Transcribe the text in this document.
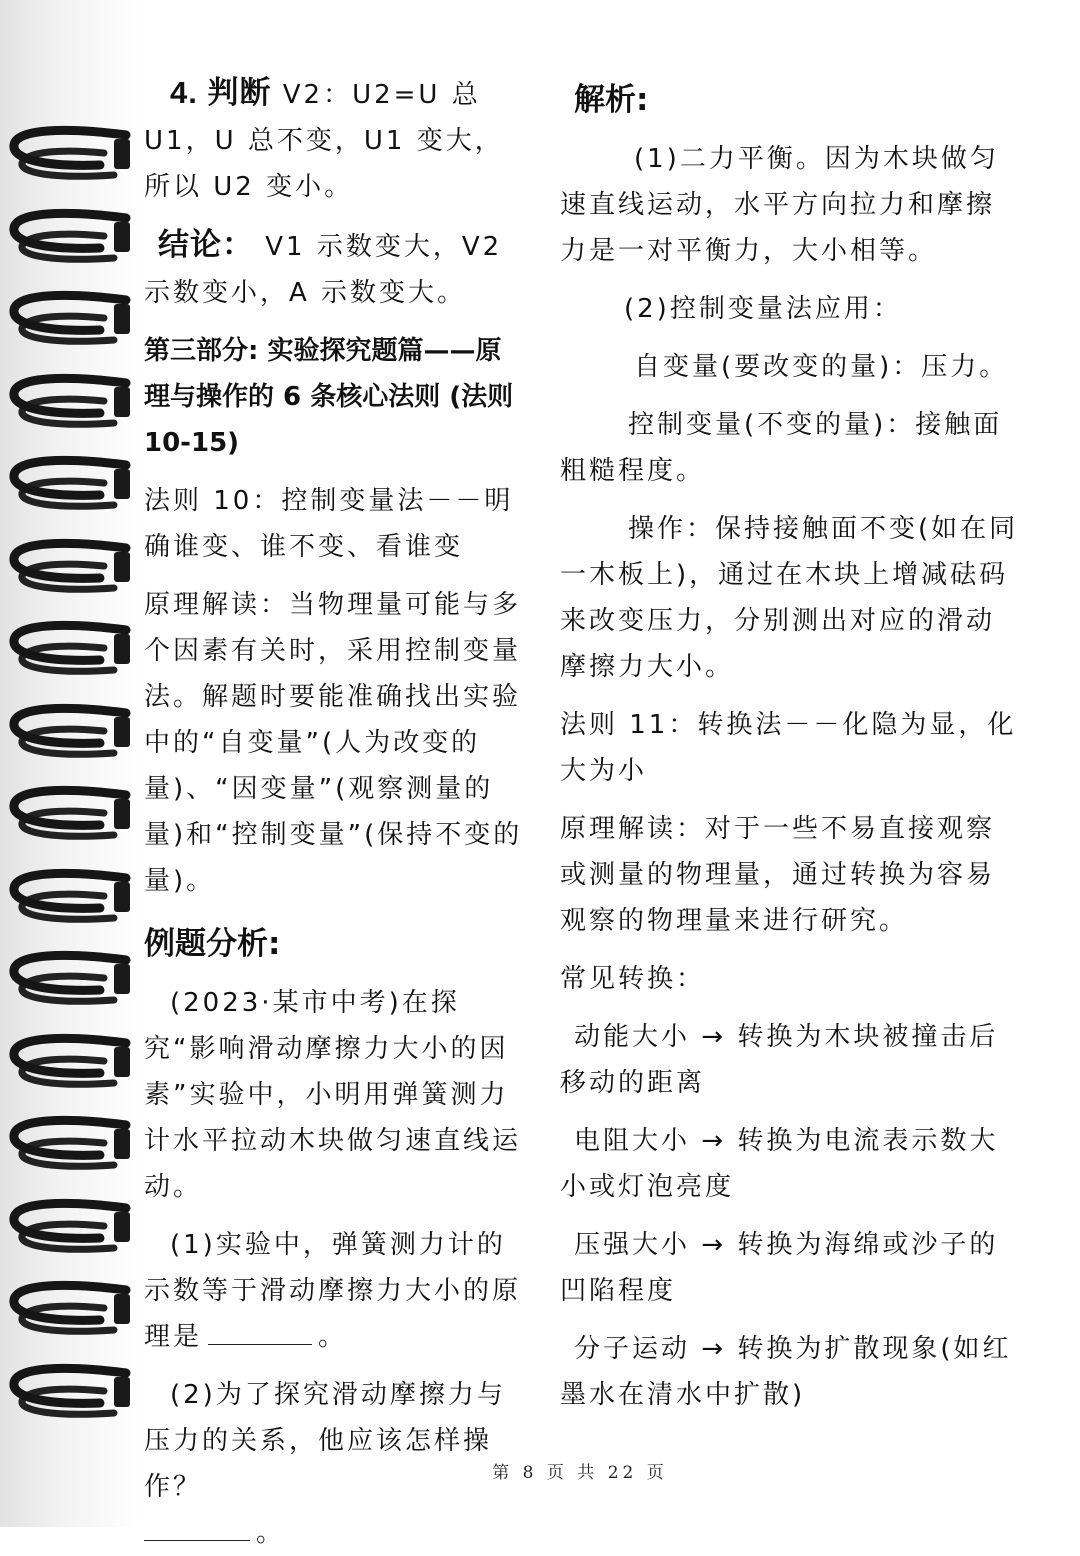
4. 判断 V2：U2=U 总 U1，U 总不变，U1 变大，所以 U2 变小。

结论： V1 示数变大，V2 示数变小，A 示数变大。

第三部分: 实验探究题篇——原理与操作的 6 条核心法则 (法则 10-15)

法则 10：控制变量法－－明确谁变、谁不变、看谁变

原理解读：当物理量可能与多个因素有关时，采用控制变量法。解题时要能准确找出实验中的“自变量”(人为改变的量)、“因变量”(观察测量的量)和“控制变量”(保持不变的量)。

例题分析:

(2023·某市中考)在探究“影响滑动摩擦力大小的因素”实验中，小明用弹簧测力计水平拉动木块做匀速直线运动。

(1)实验中，弹簧测力计的示数等于滑动摩擦力大小的原理是	。

(2)为了探究滑动摩擦力与压力的关系，他应该怎样操作？
。

解析:

(1)二力平衡。因为木块做匀速直线运动，水平方向拉力和摩擦力是一对平衡力，大小相等。

(2)控制变量法应用：

自变量(要改变的量)：压力。

控制变量(不变的量)：接触面粗糙程度。

操作：保持接触面不变(如在同一木板上)，通过在木块上增减砝码来改变压力，分别测出对应的滑动摩擦力大小。

法则 11：转换法－－化隐为显，化大为小

原理解读：对于一些不易直接观察或测量的物理量，通过转换为容易观察的物理量来进行研究。

常见转换：

动能大小 → 转换为木块被撞击后移动的距离

电阻大小 → 转换为电流表示数大小或灯泡亮度

压强大小 → 转换为海绵或沙子的凹陷程度

分子运动 → 转换为扩散现象(如红墨水在清水中扩散)

第 8 页 共 22 页
